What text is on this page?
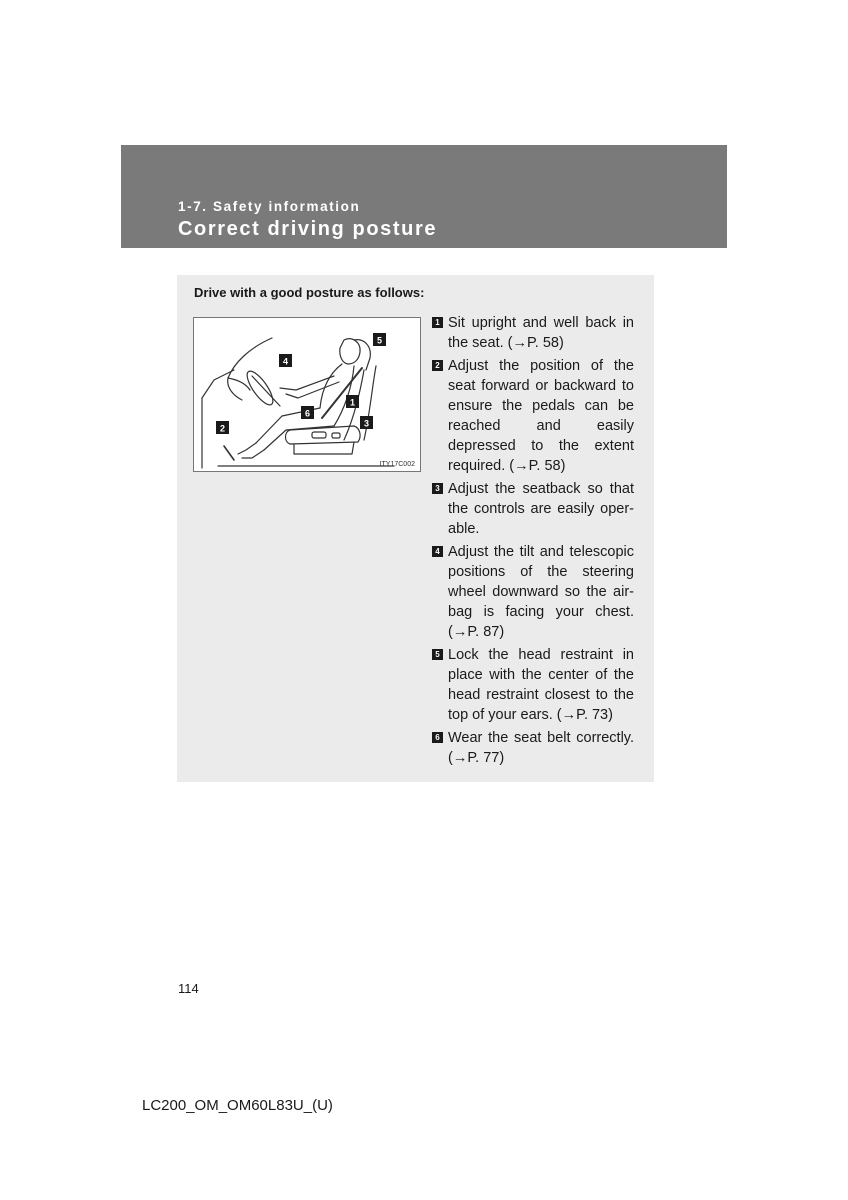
1-7. Safety information
Correct driving posture
Drive with a good posture as follows:
1
2	3
4
5
6
ITY17C002
1 Sit upright and well back in the seat. (→P. 58)
2 Adjust the position of the seat forward or backward to ensure the pedals can be reached and easily depressed to the extent required. (→P. 58)
3 Adjust the seatback so that the controls are easily oper-able.
4 Adjust the tilt and telescopic positions of the steering wheel downward so the air-bag is facing your chest. (→P. 87)
5 Lock the head restraint in place with the center of the head restraint closest to the top of your ears. (→P. 73)
6 Wear the seat belt correctly. (→P. 77)
114
LC200_OM_OM60L83U_(U)
